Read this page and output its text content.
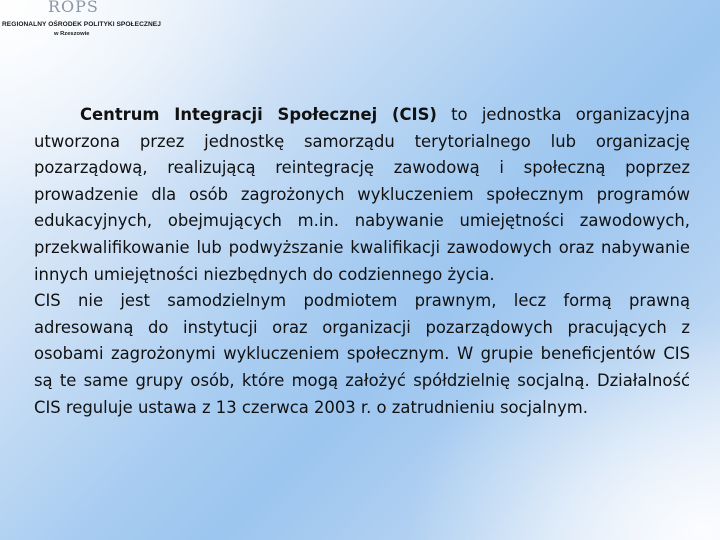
ROPS
REGIONALNY OŚRODEK POLITYKI SPOŁECZNEJ
w Rzeszowie

Centrum Integracji Społecznej (CIS) to jednostka organizacyjna utworzona przez jednostkę samorządu terytorialnego lub organizację pozarządową, realizującą reintegrację zawodową i społeczną poprzez prowadzenie dla osób zagrożonych wykluczeniem społecznym programów edukacyjnych, obejmujących m.in. nabywanie umiejętności zawodowych, przekwalifikowanie lub podwyższanie kwalifikacji zawodowych oraz nabywanie innych umiejętności niezbędnych do codziennego życia.

CIS nie jest samodzielnym podmiotem prawnym, lecz formą prawną adresowaną do instytucji oraz organizacji pozarządowych pracujących z osobami zagrożonymi wykluczeniem społecznym. W grupie beneficjentów CIS są te same grupy osób, które mogą założyć spółdzielnię socjalną. Działalność CIS reguluje ustawa z 13 czerwca 2003 r. o zatrudnieniu socjalnym.
